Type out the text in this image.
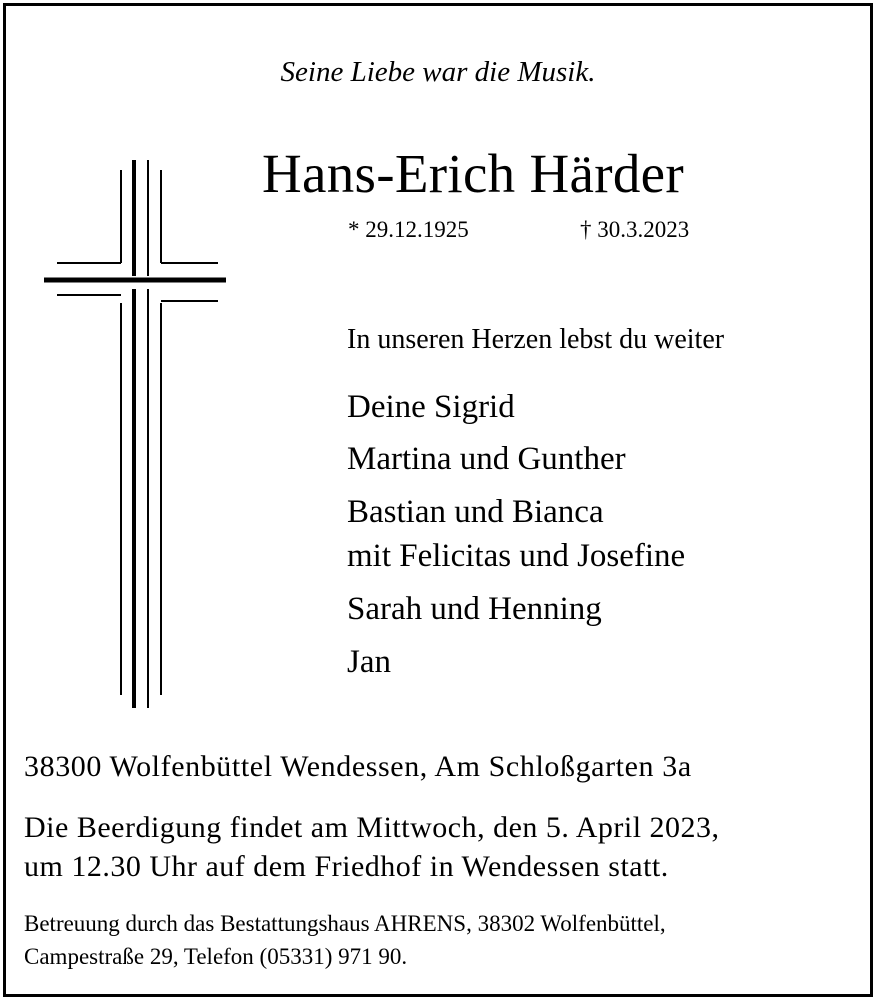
Seine Liebe war die Musik.
Hans-Erich Härder
* 29.12.1925	† 30.3.2023
In unseren Herzen lebst du weiter
Deine Sigrid
Martina und Gunther
Bastian und Bianca
mit Felicitas und Josefine
Sarah und Henning
Jan
38300 Wolfenbüttel Wendessen, Am Schloßgarten 3a
Die Beerdigung findet am Mittwoch, den 5. April 2023,
um 12.30 Uhr auf dem Friedhof in Wendessen statt.
Betreuung durch das Bestattungshaus AHRENS, 38302 Wolfenbüttel,
Campestraße 29, Telefon (05331) 971 90.
